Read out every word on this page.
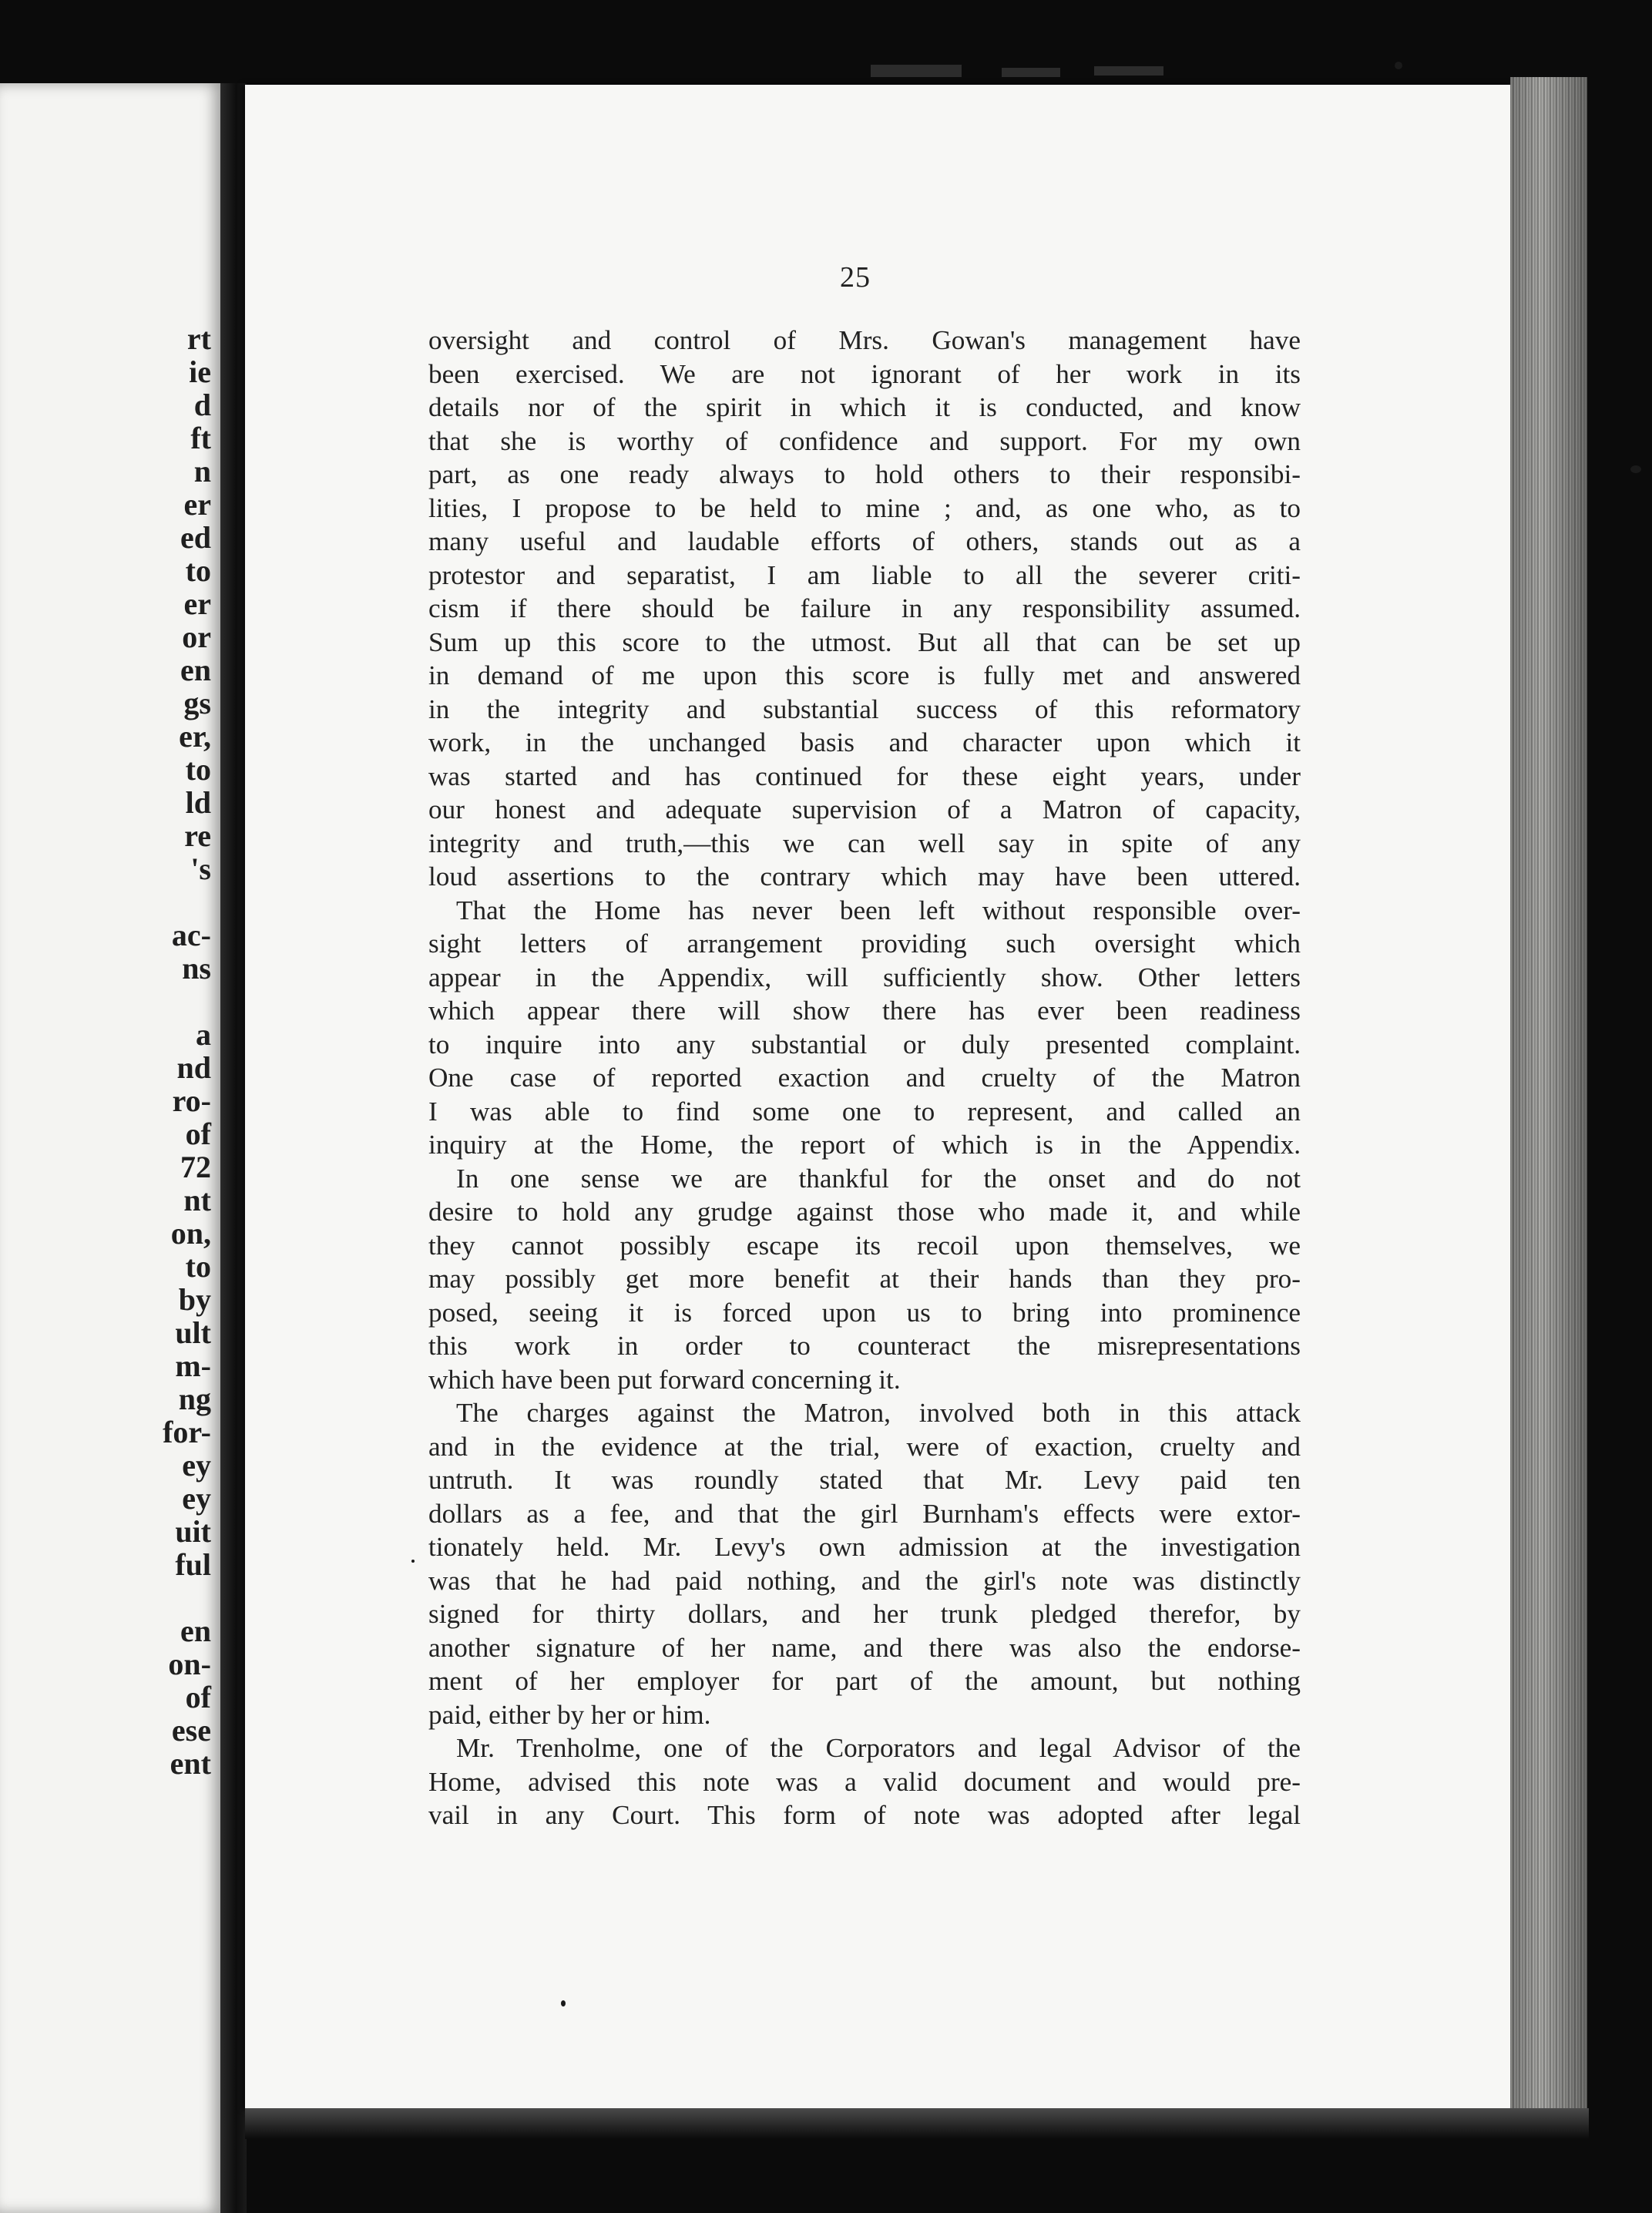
rt
ie
d
ft
n
er
ed
to
er
or
en
gs
er,
to
ld
re
's
ac-
ns
a
nd
ro-
of
72
nt
on,
to
by
ult
m-
ng
for-
ey
ey
uit
ful
en
on-
of
ese
ent
25
oversight and control of Mrs. Gowan's management have
been exercised. We are not ignorant of her work in its
details nor of the spirit in which it is conducted, and know
that she is worthy of confidence and support. For my own
part, as one ready always to hold others to their responsibi-
lities, I propose to be held to mine ; and, as one who, as to
many useful and laudable efforts of others, stands out as a
protestor and separatist, I am liable to all the severer criti-
cism if there should be failure in any responsibility assumed.
Sum up this score to the utmost. But all that can be set up
in demand of me upon this score is fully met and answered
in the integrity and substantial success of this reformatory
work, in the unchanged basis and character upon which it
was started and has continued for these eight years, under
our honest and adequate supervision of a Matron of capacity,
integrity and truth,—this we can well say in spite of any
loud assertions to the contrary which may have been uttered.
That the Home has never been left without responsible over-
sight letters of arrangement providing such oversight which
appear in the Appendix, will sufficiently show. Other letters
which appear there will show there has ever been readiness
to inquire into any substantial or duly presented complaint.
One case of reported exaction and cruelty of the Matron
I was able to find some one to represent, and called an
inquiry at the Home, the report of which is in the Appendix.
In one sense we are thankful for the onset and do not
desire to hold any grudge against those who made it, and while
they cannot possibly escape its recoil upon themselves, we
may possibly get more benefit at their hands than they pro-
posed, seeing it is forced upon us to bring into prominence
this work in order to counteract the misrepresentations
which have been put forward concerning it.
The charges against the Matron, involved both in this attack
and in the evidence at the trial, were of exaction, cruelty and
untruth. It was roundly stated that Mr. Levy paid ten
dollars as a fee, and that the girl Burnham's effects were extor-
tionately held. Mr. Levy's own admission at the investigation
was that he had paid nothing, and the girl's note was distinctly
signed for thirty dollars, and her trunk pledged therefor, by
another signature of her name, and there was also the endorse-
ment of her employer for part of the amount, but nothing
paid, either by her or him.
Mr. Trenholme, one of the Corporators and legal Advisor of the
Home, advised this note was a valid document and would pre-
vail in any Court. This form of note was adopted after legal
